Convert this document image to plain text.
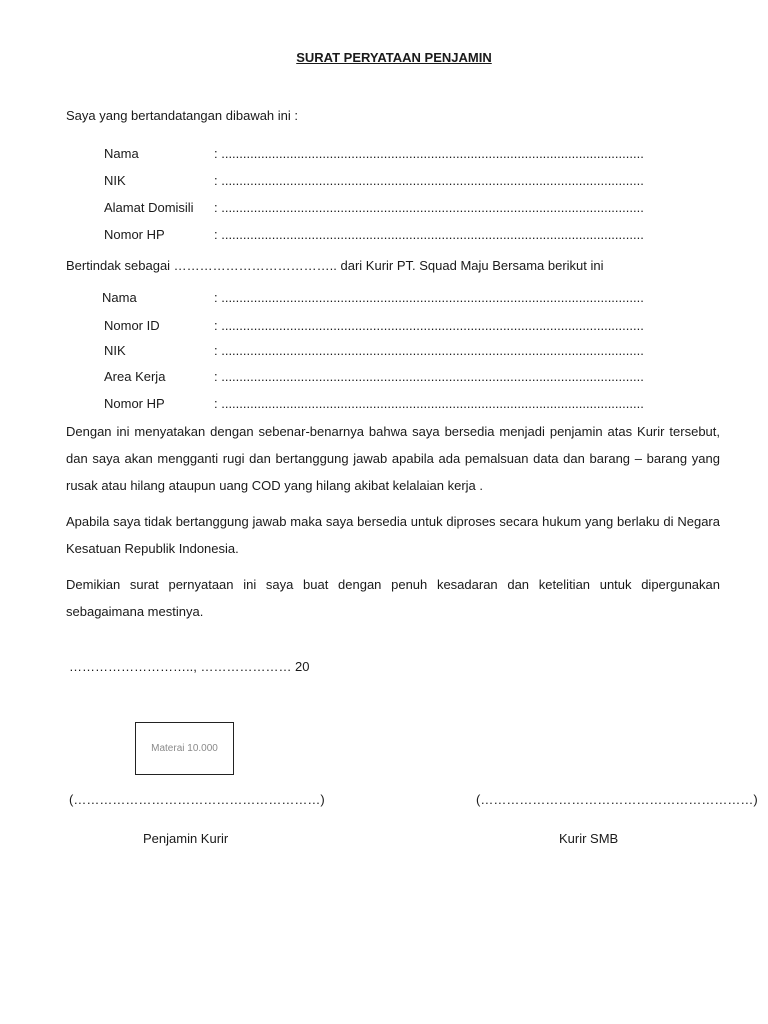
SURAT PERYATAAN PENJAMIN
Saya yang bertandatangan dibawah ini :
Nama	: .....................................................................................................................
NIK	: .....................................................................................................................
Alamat Domisili : .....................................................................................................................
Nomor HP	: .....................................................................................................................
Bertindak sebagai ……………………………….. dari Kurir PT. Squad Maju Bersama berikut ini
Nama	: .....................................................................................................................
Nomor ID	: .....................................................................................................................
NIK	: .....................................................................................................................
Area Kerja	: .....................................................................................................................
Nomor HP	: .....................................................................................................................
Dengan ini menyatakan dengan sebenar-benarnya bahwa saya bersedia menjadi penjamin atas Kurir tersebut, dan saya akan mengganti rugi dan bertanggung jawab apabila ada pemalsuan data dan barang – barang yang rusak atau hilang ataupun uang COD yang hilang akibat kelalaian kerja .
Apabila saya tidak bertanggung jawab maka saya bersedia untuk diproses secara hukum yang berlaku di Negara Kesatuan Republik Indonesia.
Demikian surat pernyataan ini saya buat dengan penuh kesadaran dan ketelitian untuk dipergunakan sebagaimana mestinya.
……………………….., ………………… 20
Materai 10.000
(…………………………………………………)	(………………………………………………………)
Penjamin Kurir	Kurir SMB
